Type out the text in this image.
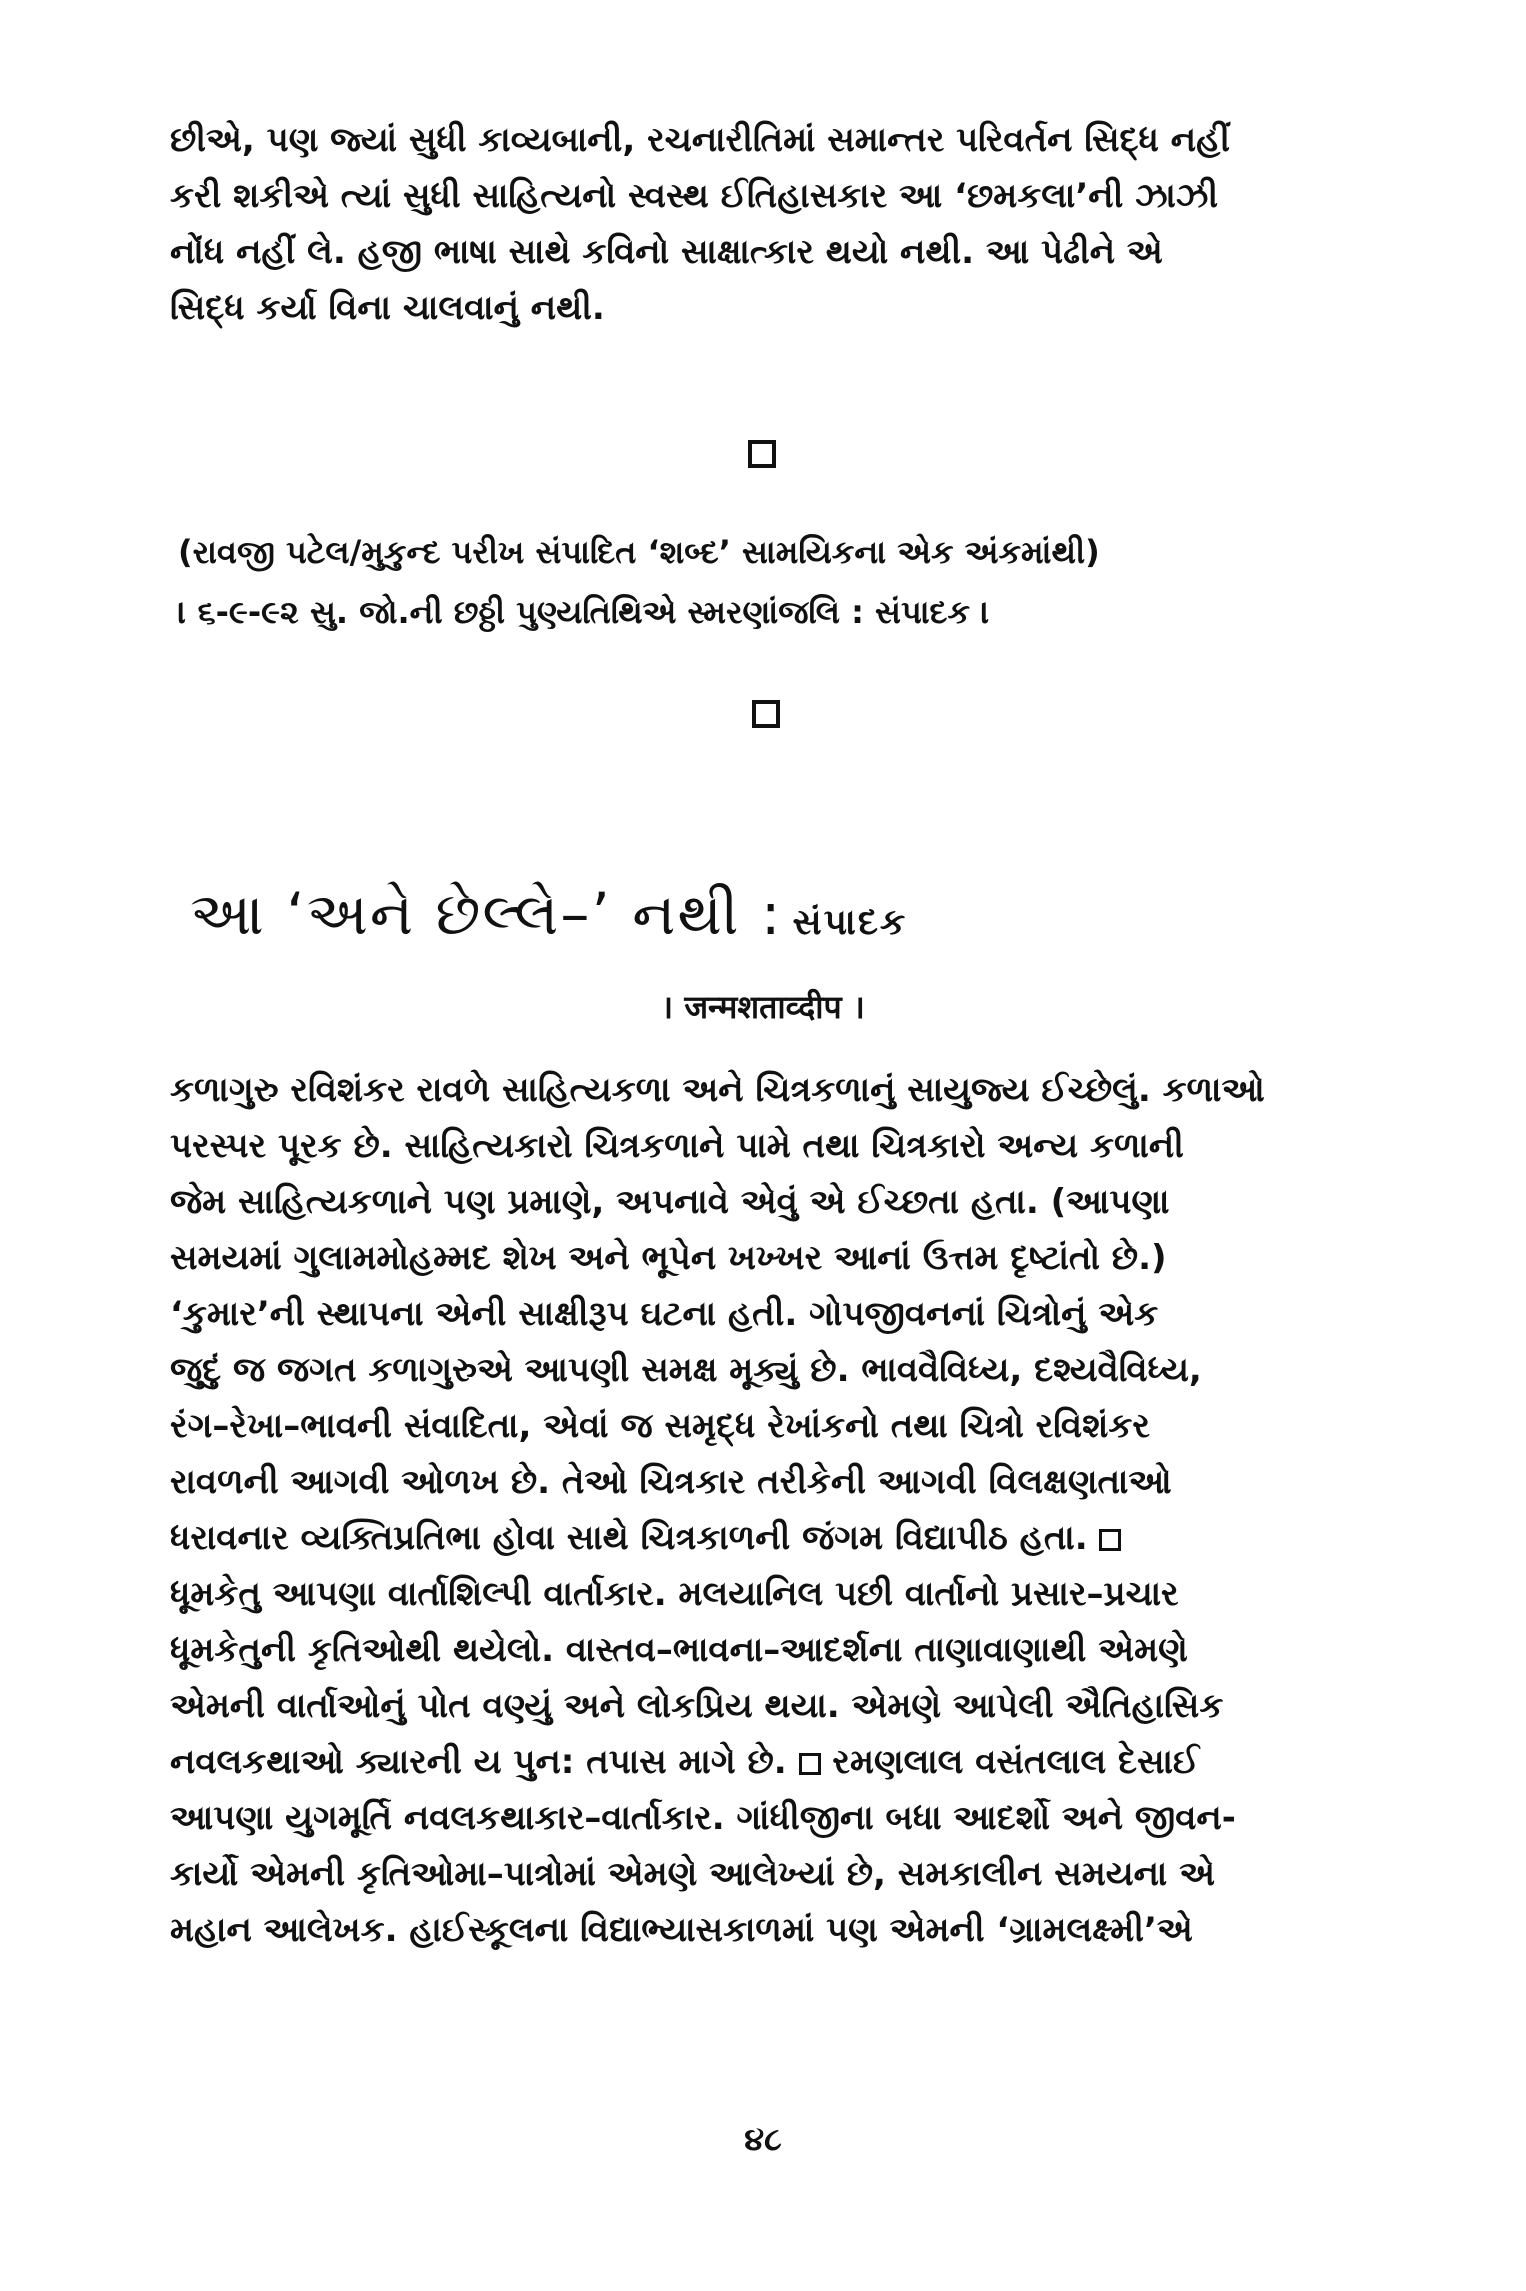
છીએ, પણ જ્યાં સુધી કાવ્યબાની, રચનારીતિમાં સમાન્તર પરિવર્તન સિદ્ધ નહીં
કરી શકીએ ત્યાં સુધી સાહિત્યનો સ્વસ્થ ઈતિહાસકાર આ ‘છમકલા’ની ઝાઝી
નોંધ નહીં લે. હજી ભાષા સાથે કવિનો સાક્ષાત્કાર થયો નથી. આ પેઢીને એ
સિદ્ધ કર્યા વિના ચાલવાનું નથી.
(રાવજી પટેલ/મુકુન્દ પરીખ સંપાદિત ‘શબ્દ’ સામયિકના એક અંકમાંથી)
। ૬-૯-૯૨ સુ. જો.ની છઠ્ઠી પુણ્યતિથિએ સ્મરણાંજલિ : સંપાદક ।
આ ‘અને છેલ્લે–’ નથી : સંપાદક
। जन्मशताव्दीप ।
કળાગુરુ રવિશંકર રાવળે સાહિત્યકળા અને ચિત્રકળાનું સાયુજ્ય ઈચ્છેલું. કળાઓ
પરસ્પર પૂરક છે. સાહિત્યકારો ચિત્રકળાને પામે તથા ચિત્રકારો અન્ય કળાની
જેમ સાહિત્યકળાને પણ પ્રમાણે, અપનાવે એવું એ ઈચ્છતા હતા. (આપણા
સમયમાં ગુલામમોહમ્મદ શેખ અને ભૂપેન ખખ્ખર આનાં ઉત્તમ દૃષ્ટાંતો છે.)
‘કુમાર’ની સ્થાપના એની સાક્ષીરૂપ ઘટના હતી. ગોપજીવનનાં ચિત્રોનું એક
જુદું જ જગત કળાગુરુએ આપણી સમક્ષ મૂક્યું છે. ભાવવૈવિધ્ય, દશ્યવૈવિધ્ય,
રંગ–રેખા–ભાવની સંવાદિતા, એવાં જ સમૃદ્ધ રેખાંકનો તથા ચિત્રો રવિશંકર
રાવળની આગવી ઓળખ છે. તેઓ ચિત્રકાર તરીકેની આગવી વિલક્ષણતાઓ
ધરાવનાર વ્યક્તિપ્રતિભા હોવા સાથે ચિત્રકાળની જંગમ વિદ્યાપીઠ હતા.
ધૂમકેતુ આપણા વાર્તાશિલ્પી વાર્તાકાર. મલયાનિલ પછી વાર્તાનો પ્રસાર–પ્રચાર
ધૂમકેતુની કૃતિઓથી થયેલો. વાસ્તવ–ભાવના–આદર્શના તાણાવાણાથી એમણે
એમની વાર્તાઓનું પોત વણ્યું અને લોકપ્રિય થયા. એમણે આપેલી ઐતિહાસિક
નવલકથાઓ ક્યારની ય પુન: તપાસ માગે છે. રમણલાલ વસંતલાલ દેસાઈ
આપણા યુગમૂર્તિ નવલકથાકાર–વાર્તાકાર. ગાંધીજીના બધા આદર્શો અને જીવન-
કાર્યો એમની કૃતિઓમા–પાત્રોમાં એમણે આલેખ્યાં છે, સમકાલીન સમયના એ
મહાન આલેખક. હાઈસ્કૂલના વિદ્યાભ્યાસકાળમાં પણ એમની ‘ગ્રામલક્ષ્મી’એ
૪૮
